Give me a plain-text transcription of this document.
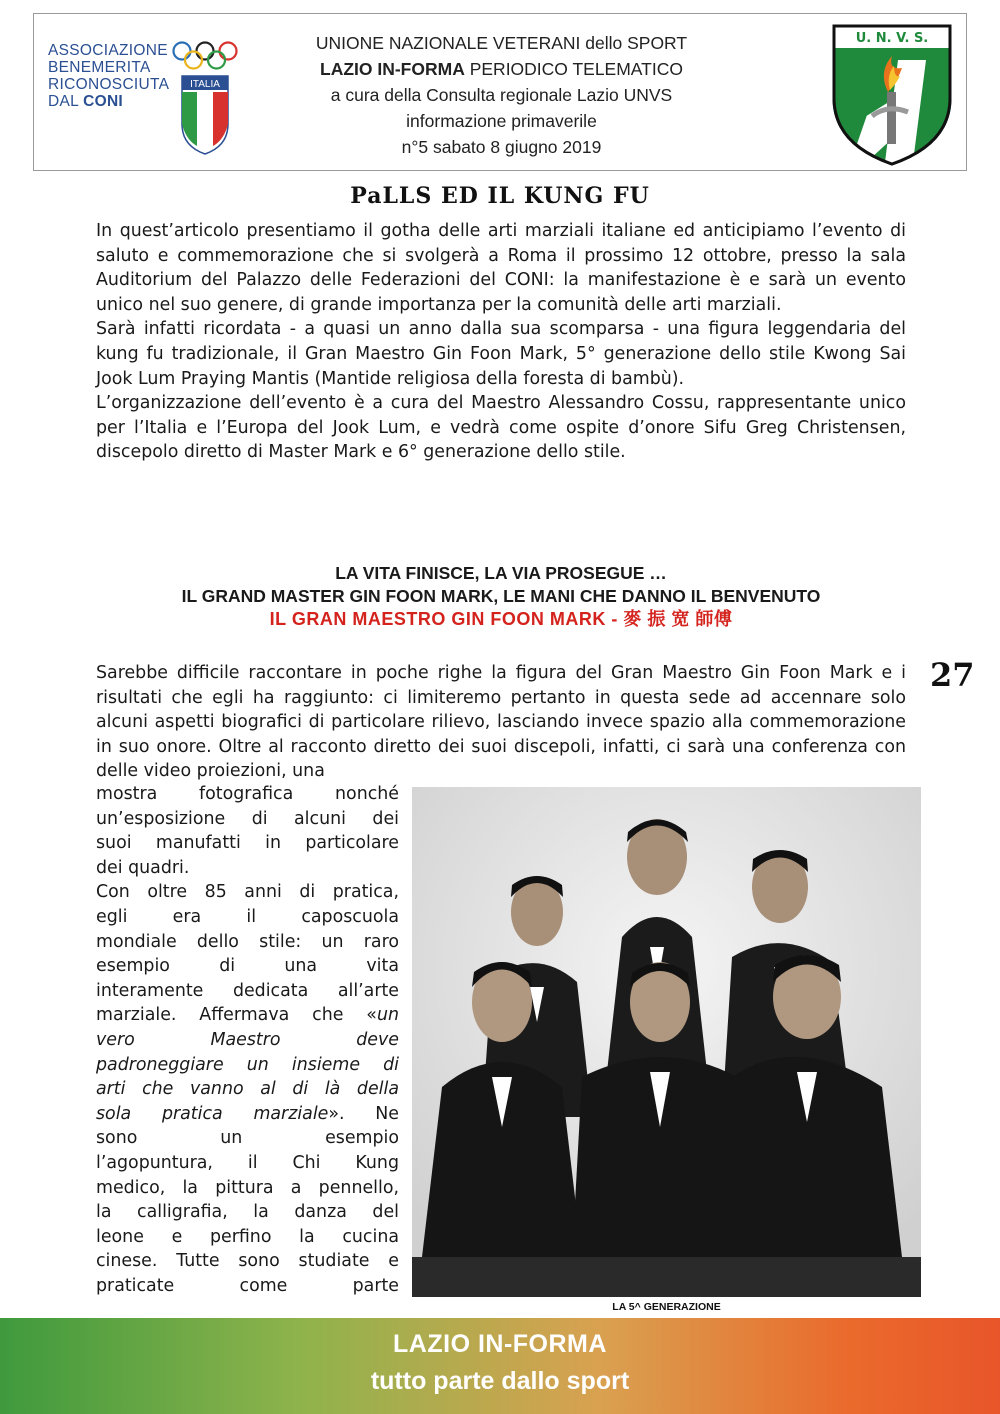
ASSOCIAZIONE
BENEMERITA
RICONOSCIUTA
DAL CONI
ITALIA
UNIONE NAZIONALE VETERANI dello SPORT
LAZIO IN-FORMA PERIODICO TELEMATICO
a cura della Consulta regionale Lazio UNVS
informazione primaverile
n°5 sabato 8 giugno 2019
U. N. V. S.
PaLLS ED IL KUNG FU

In quest’articolo presentiamo il gotha delle arti marziali italiane ed anticipiamo l’evento di saluto e commemorazione che si svolgerà a Roma il prossimo 12 ottobre, presso la sala Auditorium del Palazzo delle Federazioni del CONI: la manifestazione è e sarà un evento unico nel suo genere, di grande importanza per la comunità delle arti marziali.

Sarà infatti ricordata - a quasi un anno dalla sua scomparsa - una figura leggendaria del kung fu tradizionale, il Gran Maestro Gin Foon Mark, 5° generazione dello stile Kwong Sai Jook Lum Praying Mantis (Mantide religiosa della foresta di bambù).

L’organizzazione dell’evento è a cura del Maestro Alessandro Cossu, rappresentante unico per l’Italia e l’Europa del Jook Lum, e vedrà come ospite d’onore Sifu Greg Christensen, discepolo diretto di Master Mark e 6° generazione dello stile.

LA VITA FINISCE, LA VIA PROSEGUE …
IL GRAND MASTER GIN FOON MARK, LE MANI CHE DANNO IL BENVENUTO
IL GRAN MAESTRO GIN FOON MARK - 麥 振 宽 師傅
27
Sarebbe difficile raccontare in poche righe la figura del Gran Maestro Gin Foon Mark e i risultati che egli ha raggiunto: ci limiteremo pertanto in questa sede ad accennare solo alcuni aspetti biografici di particolare rilievo, lasciando invece spazio alla commemorazione in suo onore. Oltre al racconto diretto dei suoi discepoli, infatti, ci sarà una conferenza con delle video proiezioni, una
mostra fotografica nonché
un’esposizione di alcuni dei
suoi manufatti in particolare
dei quadri.
Con oltre 85 anni di pratica,
egli era il caposcuola
mondiale dello stile: un raro
esempio di una vita
interamente dedicata all’arte
marziale. Affermava che «un
vero Maestro deve
padroneggiare un insieme di
arti che vanno al di là della
sola pratica marziale». Ne
sono un esempio
l’agopuntura, il Chi Kung
medico, la pittura a pennello,
la calligrafia, la danza del
leone e perfino la cucina
cinese. Tutte sono studiate e
praticate come parte
LA 5^ GENERAZIONE
LAZIO IN-FORMA
tutto parte dallo sport
